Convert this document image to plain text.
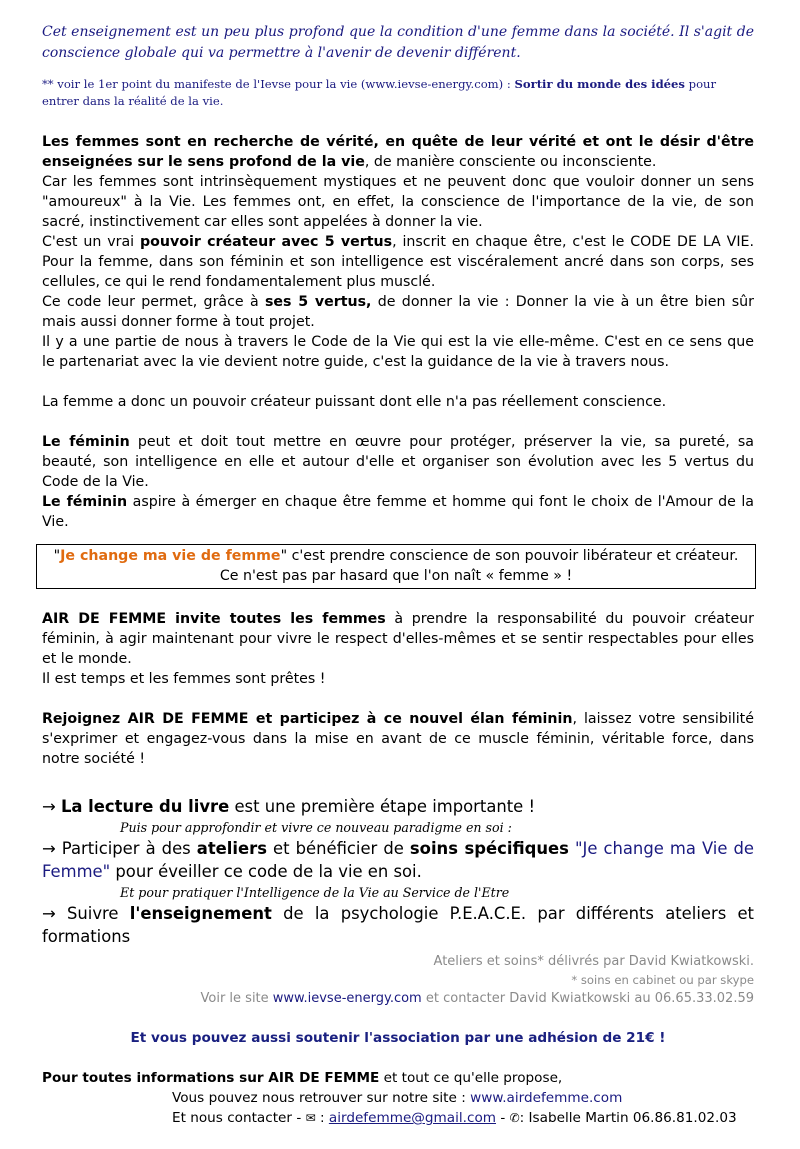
Cet enseignement est un peu plus profond que la condition d'une femme dans la société. Il s'agit de conscience globale qui va permettre à l'avenir de devenir différent.

** voir le 1er point du manifeste de l'Ievse pour la vie (www.ievse-energy.com) : Sortir du monde des idées pour entrer dans la réalité de la vie.

Les femmes sont en recherche de vérité, en quête de leur vérité et ont le désir d'être enseignées sur le sens profond de la vie, de manière consciente ou inconsciente.

Car les femmes sont intrinsèquement mystiques et ne peuvent donc que vouloir donner un sens "amoureux" à la Vie. Les femmes ont, en effet, la conscience de l'importance de la vie, de son sacré, instinctivement car elles sont appelées à donner la vie.

C'est un vrai pouvoir créateur avec 5 vertus, inscrit en chaque être, c'est le CODE DE LA VIE. Pour la femme, dans son féminin et son intelligence est viscéralement ancré dans son corps, ses cellules, ce qui le rend fondamentalement plus musclé.

Ce code leur permet, grâce à ses 5 vertus, de donner la vie : Donner la vie à un être bien sûr mais aussi donner forme à tout projet.

Il y a une partie de nous à travers le Code de la Vie qui est la vie elle-même. C'est en ce sens que le partenariat avec la vie devient notre guide, c'est la guidance de la vie à travers nous.

La femme a donc un pouvoir créateur puissant dont elle n'a pas réellement conscience.

Le féminin peut et doit tout mettre en œuvre pour protéger, préserver la vie, sa pureté, sa beauté, son intelligence en elle et autour d'elle et organiser son évolution avec les 5 vertus du Code de la Vie.

Le féminin aspire à émerger en chaque être femme et homme qui font le choix de l'Amour de la Vie.

"Je change ma vie de femme" c'est prendre conscience de son pouvoir libérateur et créateur.
Ce n'est pas par hasard que l'on naît « femme » !

AIR DE FEMME invite toutes les femmes à prendre la responsabilité du pouvoir créateur féminin, à agir maintenant pour vivre le respect d'elles-mêmes et se sentir respectables pour elles et le monde.

Il est temps et les femmes sont prêtes !

Rejoignez AIR DE FEMME et participez à ce nouvel élan féminin, laissez votre sensibilité s'exprimer et engagez-vous dans la mise en avant de ce muscle féminin, véritable force, dans notre société !

→ La lecture du livre est une première étape importante !

Puis pour approfondir et vivre ce nouveau paradigme en soi :

→ Participer à des ateliers et bénéficier de soins spécifiques "Je change ma Vie de Femme" pour éveiller ce code de la vie en soi.

Et pour pratiquer l'Intelligence de la Vie au Service de l'Etre

→ Suivre l'enseignement de la psychologie P.E.A.C.E. par différents ateliers et formations

Ateliers et soins* délivrés par David Kwiatkowski.

* soins en cabinet ou par skype

Voir le site www.ievse-energy.com et contacter David Kwiatkowski au 06.65.33.02.59

Et vous pouvez aussi soutenir l'association par une adhésion de 21€ !

Pour toutes informations sur AIR DE FEMME et tout ce qu'elle propose,

Vous pouvez nous retrouver sur notre site : www.airdefemme.com

Et nous contacter - ✉ : airdefemme@gmail.com - ✆: Isabelle Martin 06.86.81.02.03
